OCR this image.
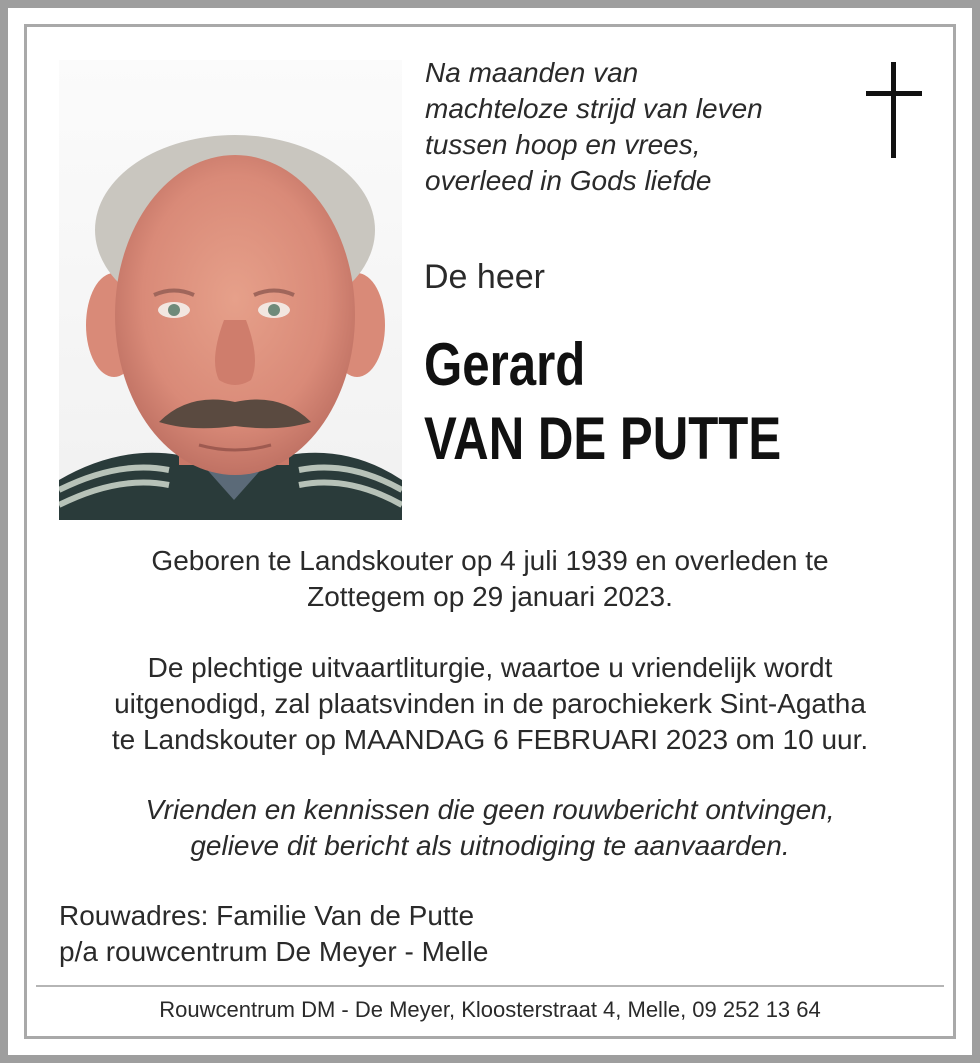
Na maanden van
machteloze strijd van leven
tussen hoop en vrees,
overleed in Gods liefde
De heer
Gerard
VAN DE PUTTE
Geboren te Landskouter op 4 juli 1939 en overleden te
Zottegem op 29 januari 2023.
De plechtige uitvaartliturgie, waartoe u vriendelijk wordt
uitgenodigd, zal plaatsvinden in de parochiekerk Sint-Agatha
te Landskouter op MAANDAG 6 FEBRUARI 2023 om 10 uur.
Vrienden en kennissen die geen rouwbericht ontvingen,
gelieve dit bericht als uitnodiging te aanvaarden.
Rouwadres: Familie Van de Putte
p/a rouwcentrum De Meyer - Melle
Rouwcentrum DM - De Meyer, Kloosterstraat 4, Melle, 09 252 13 64
